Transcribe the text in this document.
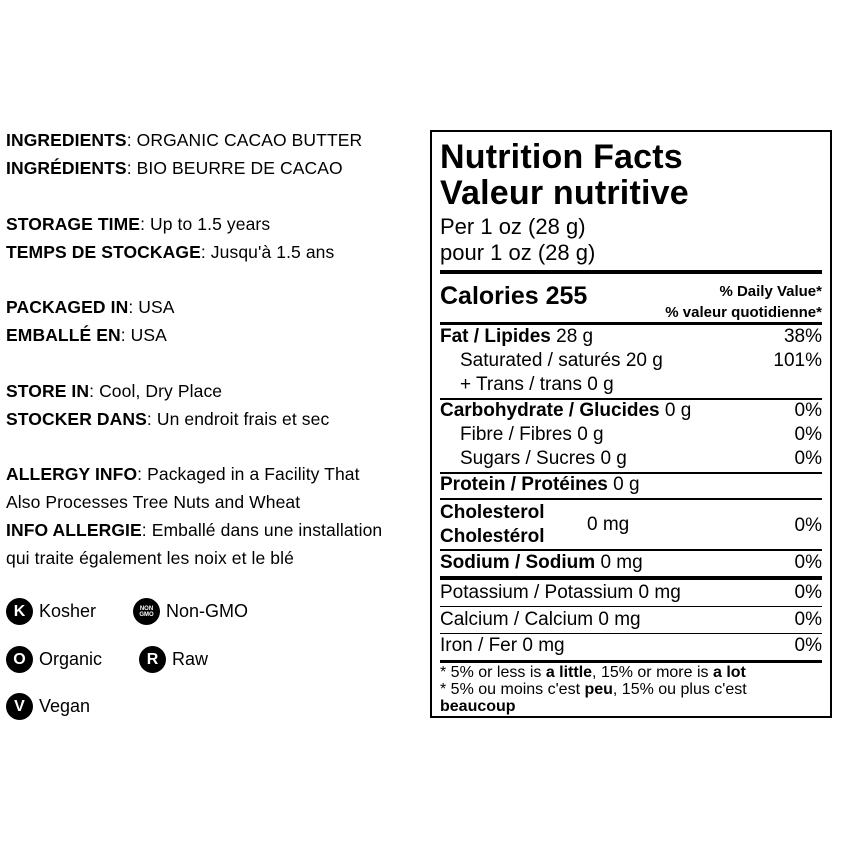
INGREDIENTS: ORGANIC CACAO BUTTER
INGRÉDIENTS: BIO BEURRE DE CACAO
STORAGE TIME: Up to 1.5 years
TEMPS DE STOCKAGE: Jusqu'à 1.5 ans
PACKAGED IN: USA
EMBALLÉ EN: USA
STORE IN: Cool, Dry Place
STOCKER DANS: Un endroit frais et sec
ALLERGY INFO: Packaged in a Facility That
Also Processes Tree Nuts and Wheat
INFO ALLERGIE: Emballé dans une installation
qui traite également les noix et le blé
K Kosher	NON
GMO Non-GMO
O Organic	R Raw
V Vegan
Nutrition Facts
Valeur nutritive
Per 1 oz (28 g)
pour 1 oz (28 g)
Calories 255	% Daily Value*
% valeur quotidienne*
Fat / Lipides 28 g	38%
Saturated / saturés 20 g	101%
+ Trans / trans 0 g
Carbohydrate / Glucides 0 g	0%
Fibre / Fibres 0 g	0%
Sugars / Sucres 0 g	0%
Protein / Protéines 0 g
Cholesterol
Cholestérol
0 mg	0%
Sodium / Sodium 0 mg	0%
Potassium / Potassium 0 mg	0%
Calcium / Calcium 0 mg	0%
Iron / Fer 0 mg	0%
* 5% or less is a little, 15% or more is a lot
* 5% ou moins c'est peu, 15% ou plus c'est
beaucoup
